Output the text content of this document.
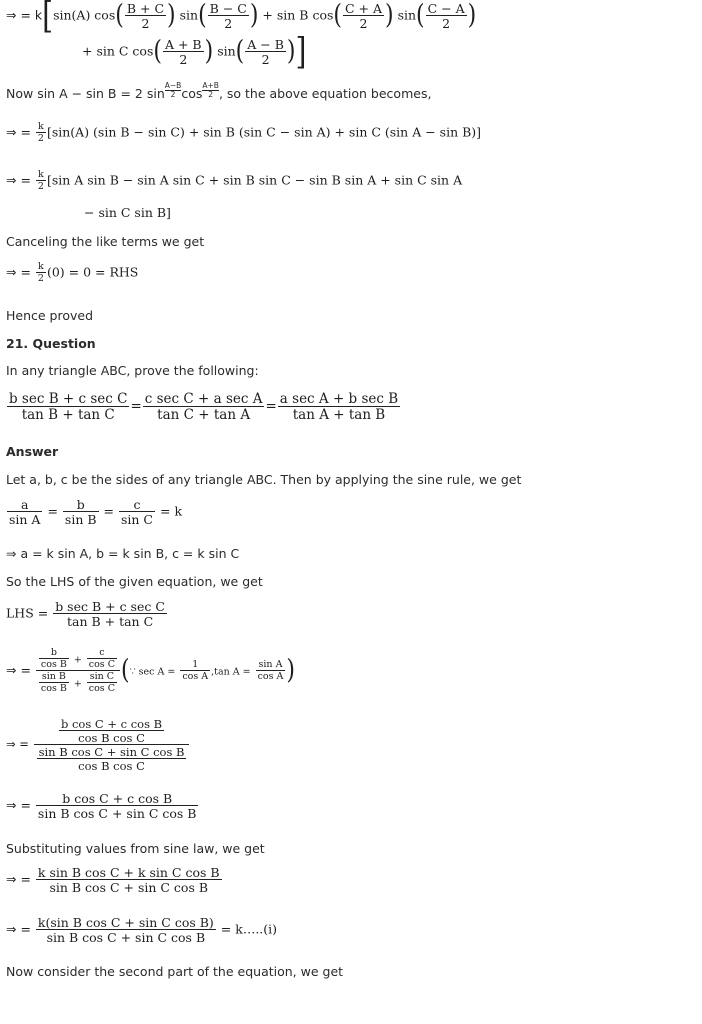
⇒ = k[sin(A) $\cos( \frac{B + C}{2}$ ) $\sin( \frac{B - C}{2}$ ) + sin B $\cos( \frac{C + A}{2}$ ) $\sin( \frac{C - A}{2}$ )
+ sin C $\cos( \frac{A + B}{2}$ ) $\sin( \frac{A - B}{2}$ )]
Now sin A − sin B = 2 $\sin \frac{A-B}{2}$ $\cos \frac{A+B}{2}$ , so the above equation becomes,
⇒ = $\frac{k}{2} [\sin(A)$ (sin B − sin C) + sin B (sin C − sin A) + sin C (sin A − sin B)]
⇒ = $\frac{k}{2} [\sin$ A sin B − sin A sin C + sin B sin C − sin B sin A + sin C sin A
− sin C sin B]
Canceling the like terms we get
⇒ = $\frac{k}{2} (0) = 0$ = RHS
Hence proved
21. Question
In any triangle ABC, prove the following:
$\frac{\text{b sec B + c sec C}}{\text{tan B + tan C}} = \frac{\text{c sec C + a sec A}}{\text{tan C + tan A}} = \frac{\text{a sec A + b sec B}}{\text{tan A + tan B}}$
Answer
Let a, b, c be the sides of any triangle ABC. Then by applying the sine rule, we get
$\frac{a}{\text{sin A}} = \frac{b}{\text{sin B}} = \frac{c}{\text{sin C}} = k$
⇒ a = k sin A, b = k sin B, c = k sin C
So the LHS of the given equation, we get
LHS = $\frac{\text{b sec B + c sec C}}{\text{tan B + tan C}}$
⇒ = $\frac{\frac{b}{\text{cos B}} + \frac{c}{\text{cos C}}}{\frac{\text{sin B}}{\text{cos B}} + \frac{\text{sin C}}{\text{cos C}}}$ (∵ $\sec A = \frac{1}{\text{cos A}} ,\tan$ $A = \frac{\text{sin A}}{\text{cos A}}$ )
⇒ = $\frac{\frac{\text{b cos C + c cos B}}{\text{cos B cos C}}}{\frac{\text{sin B cos C + sin C cos B}}{\text{cos B cos C}}}$
⇒ = $\frac{\text{b cos C + c cos B}}{\text{sin B cos C + sin C cos B}}$
Substituting values from sine law, we get
⇒ = $\frac{\text{k sin B cos C + k sin C cos B}}{\text{sin B cos C + sin C cos B}}$
⇒ = $\frac{\text{k(sin B cos C + sin C cos B)}}{\text{sin B cos C + sin C cos B}}$ = k…..(i)
Now consider the second part of the equation, we get
